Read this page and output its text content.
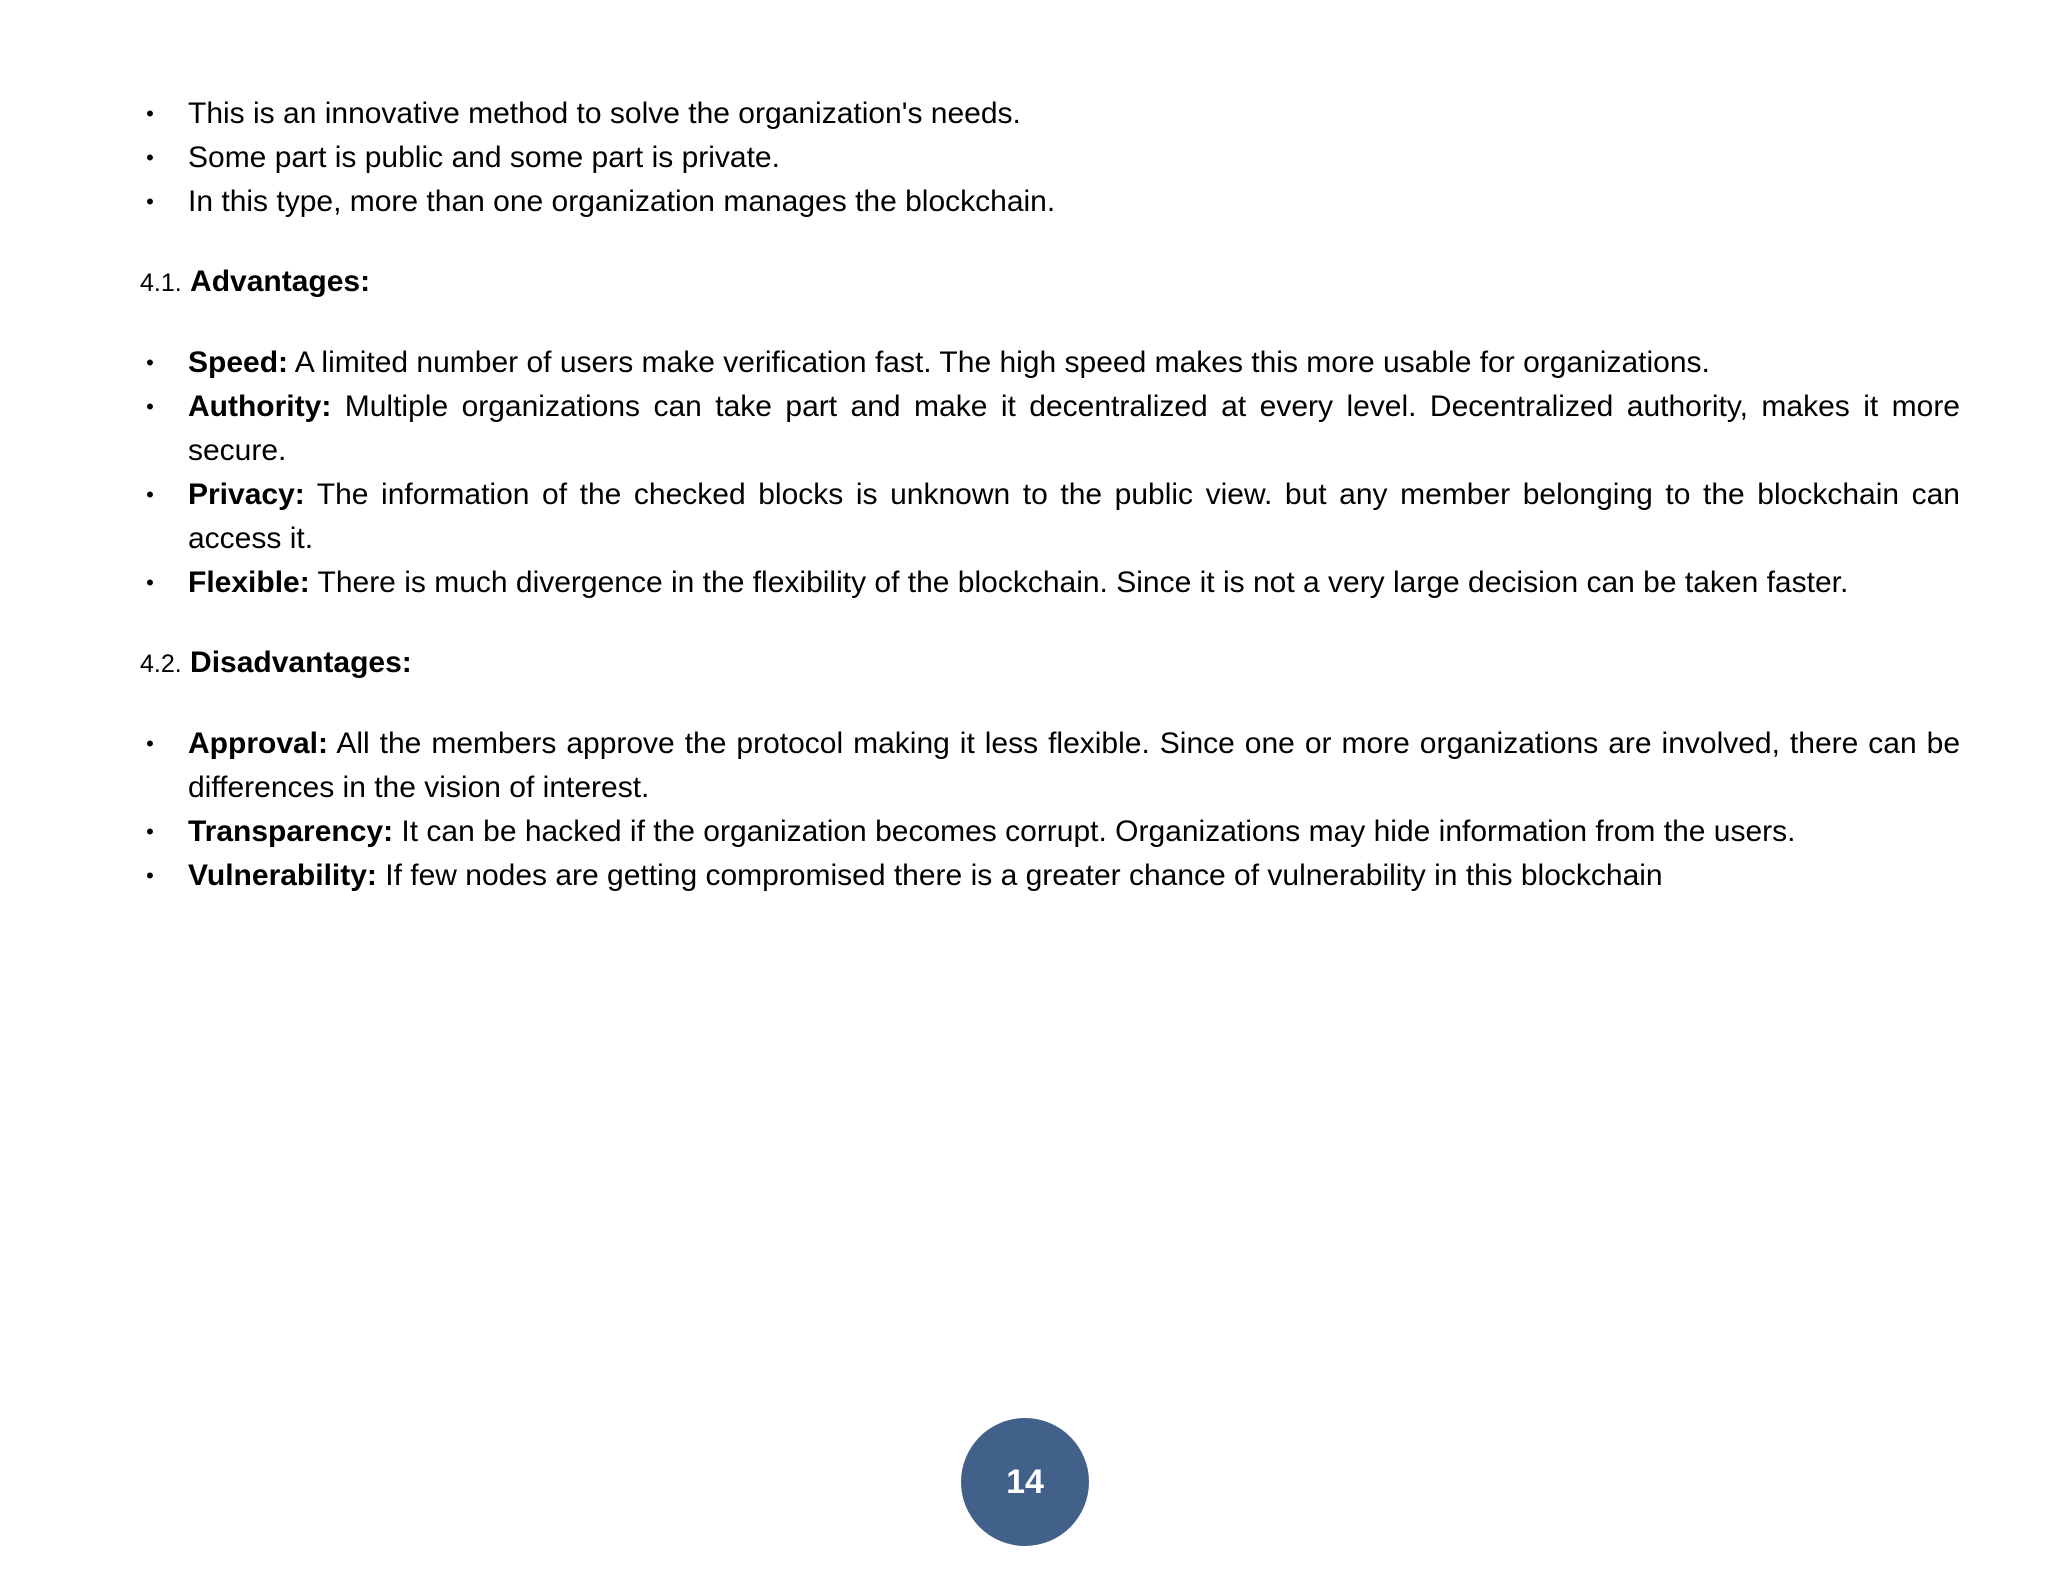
• This is an innovative method to solve the organization's needs.
• Some part is public and some part is private.
• In this type, more than one organization manages the blockchain.
4.1. Advantages:
• Speed: A limited number of users make verification fast. The high speed makes this more usable for organizations.
• Authority: Multiple organizations can take part and make it decentralized at every level. Decentralized authority, makes it more secure.
• Privacy: The information of the checked blocks is unknown to the public view. but any member belonging to the blockchain can access it.
• Flexible: There is much divergence in the flexibility of the blockchain. Since it is not a very large decision can be taken faster.
4.2. Disadvantages:
• Approval: All the members approve the protocol making it less flexible. Since one or more organizations are involved, there can be differences in the vision of interest.
• Transparency: It can be hacked if the organization becomes corrupt. Organizations may hide information from the users.
• Vulnerability: If few nodes are getting compromised there is a greater chance of vulnerability in this blockchain
14
